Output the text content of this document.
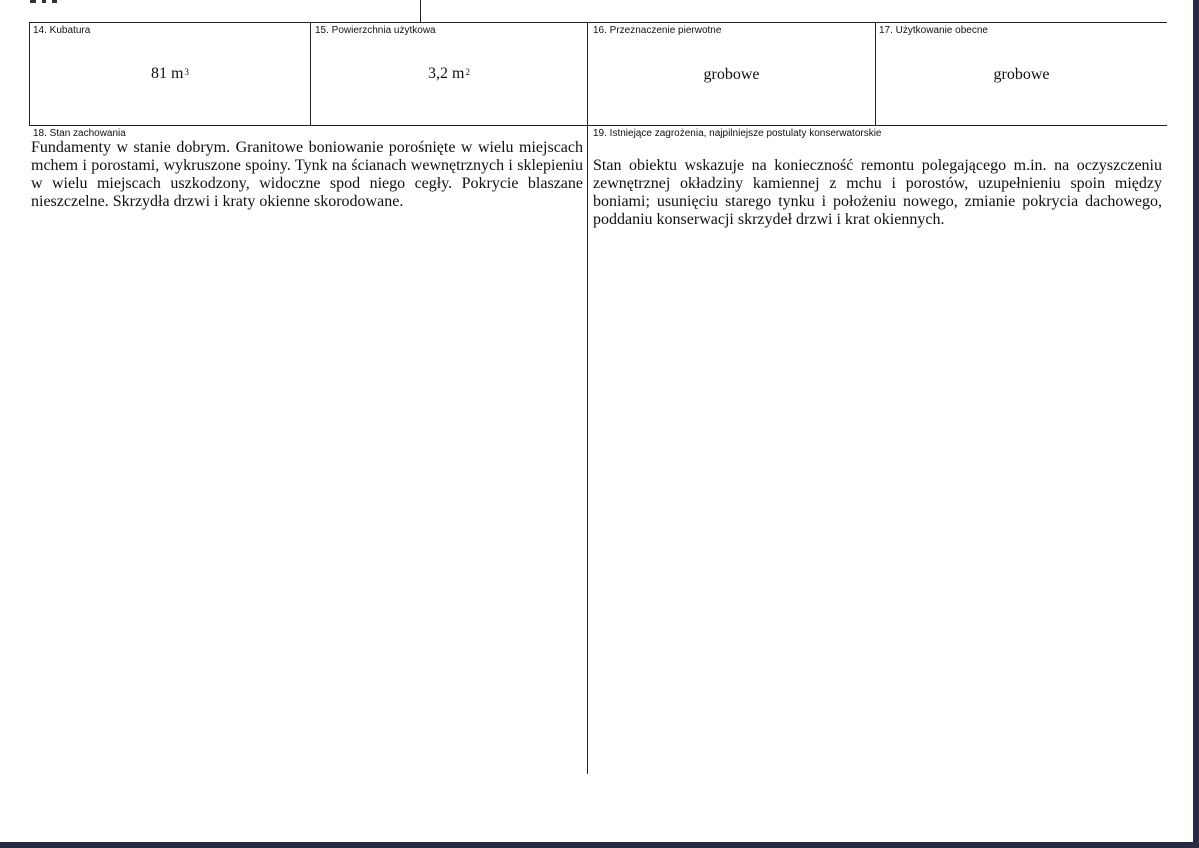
14. Kubatura	15. Powierzchnia użytkowa	16. Przeznaczenie pierwotne	17. Użytkowanie obecne
81 $m^3$	3,2 $m^2$	grobowe	grobowe
18. Stan zachowania	19. Istniejące zagrożenia, najpilniejsze postulaty konserwatorskie
Fundamenty w stanie dobrym. Granitowe boniowanie porośnięte w wielu miejscach mchem i porostami, wykruszone spoiny. Tynk na ścianach wewnętrznych i sklepieniu w wielu miejscach uszkodzony, widoczne spod niego cegły. Pokrycie blaszane nieszczelne. Skrzydła drzwi i kraty okienne skorodowane.
Stan obiektu wskazuje na konieczność remontu polegającego m.in. na oczyszczeniu zewnętrznej okładziny kamiennej z mchu i porostów, uzupełnieniu spoin między boniami; usunięciu starego tynku i położeniu nowego, zmianie pokrycia dachowego, poddaniu konserwacji skrzydeł drzwi i krat okiennych.
